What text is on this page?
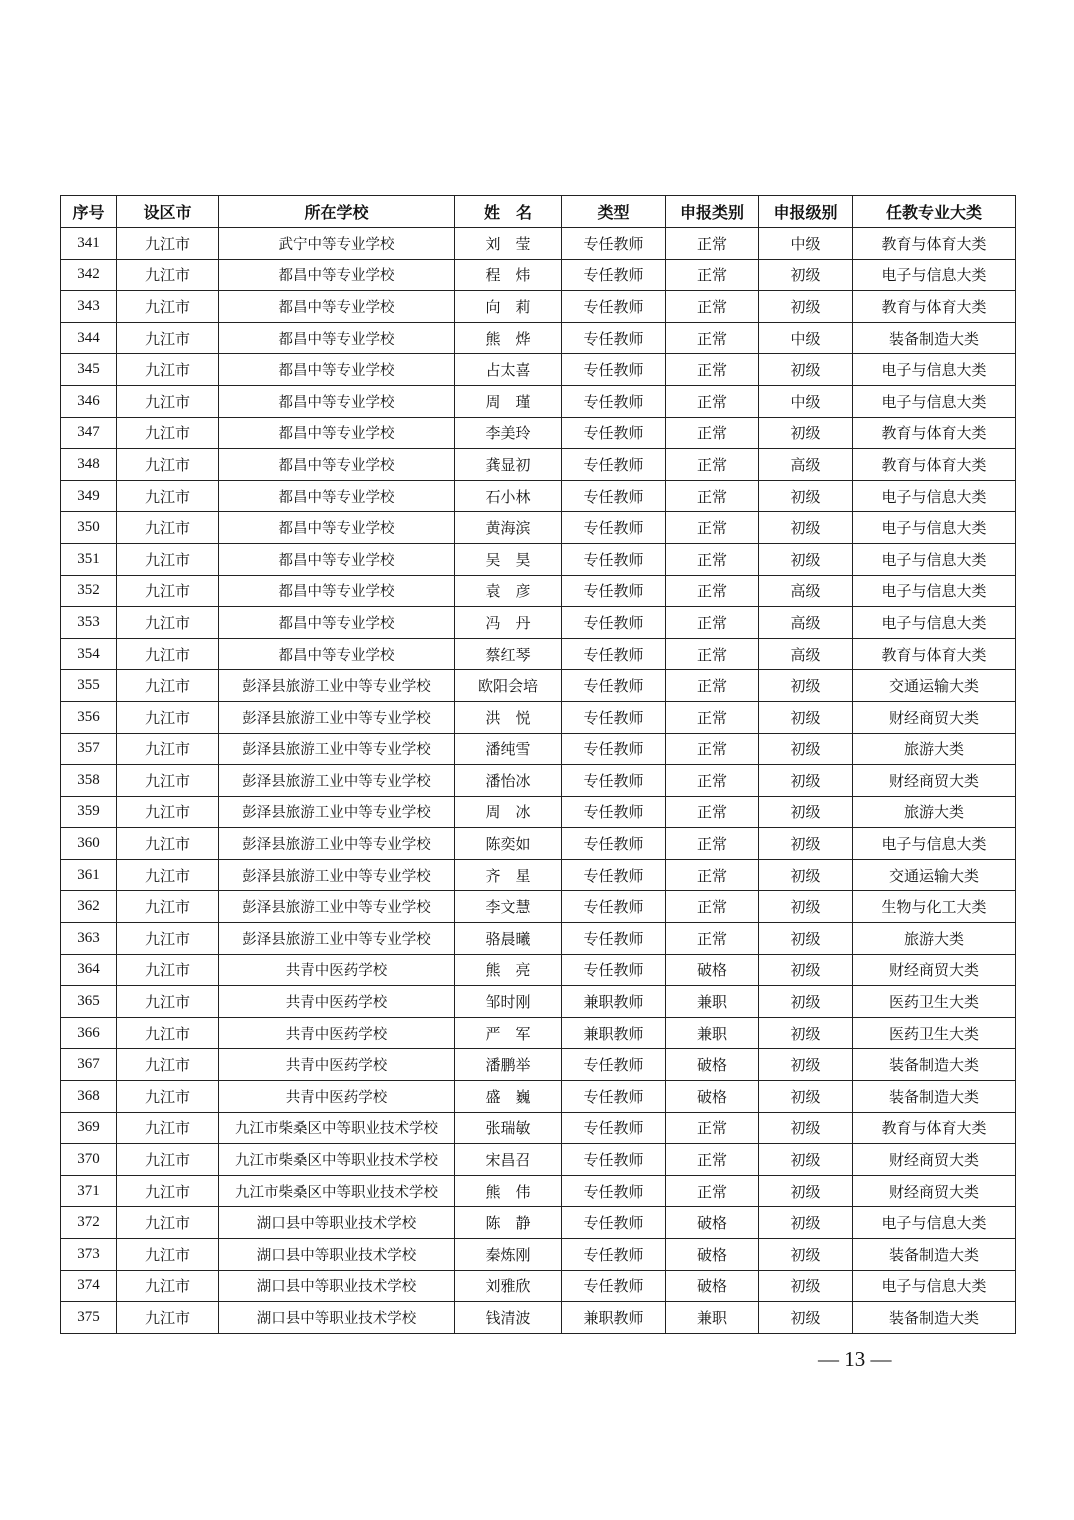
序号	设区市	所在学校	姓　名	类型	申报类别	申报级别	任教专业大类
341	九江市	武宁中等专业学校	刘　莹	专任教师	正常	中级	教育与体育大类
342	九江市	都昌中等专业学校	程　炜	专任教师	正常	初级	电子与信息大类
343	九江市	都昌中等专业学校	向　莉	专任教师	正常	初级	教育与体育大类
344	九江市	都昌中等专业学校	熊　烨	专任教师	正常	中级	装备制造大类
345	九江市	都昌中等专业学校	占太喜	专任教师	正常	初级	电子与信息大类
346	九江市	都昌中等专业学校	周　瑾	专任教师	正常	中级	电子与信息大类
347	九江市	都昌中等专业学校	李美玲	专任教师	正常	初级	教育与体育大类
348	九江市	都昌中等专业学校	龚显初	专任教师	正常	高级	教育与体育大类
349	九江市	都昌中等专业学校	石小林	专任教师	正常	初级	电子与信息大类
350	九江市	都昌中等专业学校	黄海滨	专任教师	正常	初级	电子与信息大类
351	九江市	都昌中等专业学校	吴　昊	专任教师	正常	初级	电子与信息大类
352	九江市	都昌中等专业学校	袁　彦	专任教师	正常	高级	电子与信息大类
353	九江市	都昌中等专业学校	冯　丹	专任教师	正常	高级	电子与信息大类
354	九江市	都昌中等专业学校	蔡红琴	专任教师	正常	高级	教育与体育大类
355	九江市	彭泽县旅游工业中等专业学校	欧阳会培	专任教师	正常	初级	交通运输大类
356	九江市	彭泽县旅游工业中等专业学校	洪　悦	专任教师	正常	初级	财经商贸大类
357	九江市	彭泽县旅游工业中等专业学校	潘纯雪	专任教师	正常	初级	旅游大类
358	九江市	彭泽县旅游工业中等专业学校	潘怡冰	专任教师	正常	初级	财经商贸大类
359	九江市	彭泽县旅游工业中等专业学校	周　冰	专任教师	正常	初级	旅游大类
360	九江市	彭泽县旅游工业中等专业学校	陈奕如	专任教师	正常	初级	电子与信息大类
361	九江市	彭泽县旅游工业中等专业学校	齐　星	专任教师	正常	初级	交通运输大类
362	九江市	彭泽县旅游工业中等专业学校	李文慧	专任教师	正常	初级	生物与化工大类
363	九江市	彭泽县旅游工业中等专业学校	骆晨曦	专任教师	正常	初级	旅游大类
364	九江市	共青中医药学校	熊　亮	专任教师	破格	初级	财经商贸大类
365	九江市	共青中医药学校	邹时刚	兼职教师	兼职	初级	医药卫生大类
366	九江市	共青中医药学校	严　军	兼职教师	兼职	初级	医药卫生大类
367	九江市	共青中医药学校	潘鹏举	专任教师	破格	初级	装备制造大类
368	九江市	共青中医药学校	盛　巍	专任教师	破格	初级	装备制造大类
369	九江市	九江市柴桑区中等职业技术学校	张瑞敏	专任教师	正常	初级	教育与体育大类
370	九江市	九江市柴桑区中等职业技术学校	宋昌召	专任教师	正常	初级	财经商贸大类
371	九江市	九江市柴桑区中等职业技术学校	熊　伟	专任教师	正常	初级	财经商贸大类
372	九江市	湖口县中等职业技术学校	陈　静	专任教师	破格	初级	电子与信息大类
373	九江市	湖口县中等职业技术学校	秦炼刚	专任教师	破格	初级	装备制造大类
374	九江市	湖口县中等职业技术学校	刘雅欣	专任教师	破格	初级	电子与信息大类
375	九江市	湖口县中等职业技术学校	钱清波	兼职教师	兼职	初级	装备制造大类
— 13 —
